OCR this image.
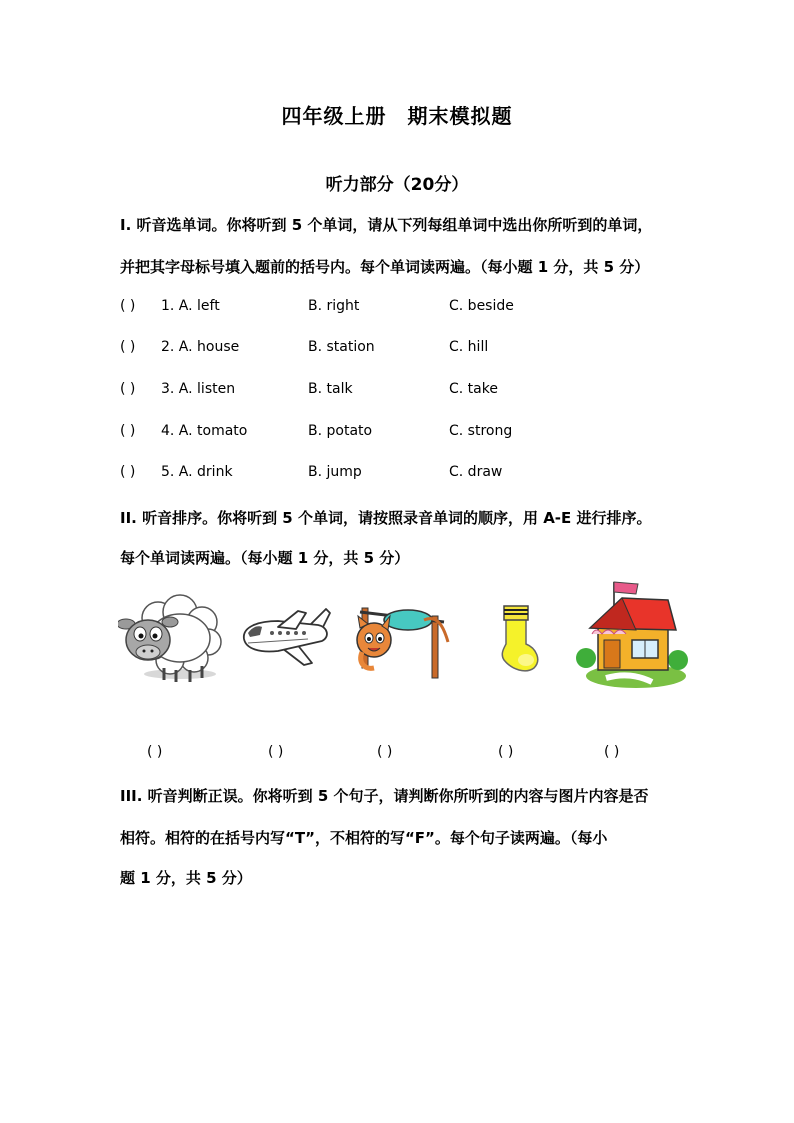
四年级上册　期末模拟题
听力部分（20分）
I. 听音选单词。你将听到 5 个单词，请从下列每组单词中选出你所听到的单词，
并把其字母标号填入题前的括号内。每个单词读两遍。（每小题 1 分，共 5 分）
( ) 1. A. left	B. right	C. beside
( ) 2. A. house	B. station	C. hill
( ) 3. A. listen	B. talk	C. take
( ) 4. A. tomato	B. potato	C. strong
( ) 5. A. drink	B. jump	C. draw
II. 听音排序。你将听到 5 个单词，请按照录音单词的顺序，用 A-E 进行排序。
每个单词读两遍。（每小题 1 分，共 5 分）
( )	( )	( )	( )	( )
III. 听音判断正误。你将听到 5 个句子，请判断你所听到的内容与图片内容是否
相符。相符的在括号内写“T”，不相符的写“F”。每个句子读两遍。（每小
题 1 分，共 5 分）
